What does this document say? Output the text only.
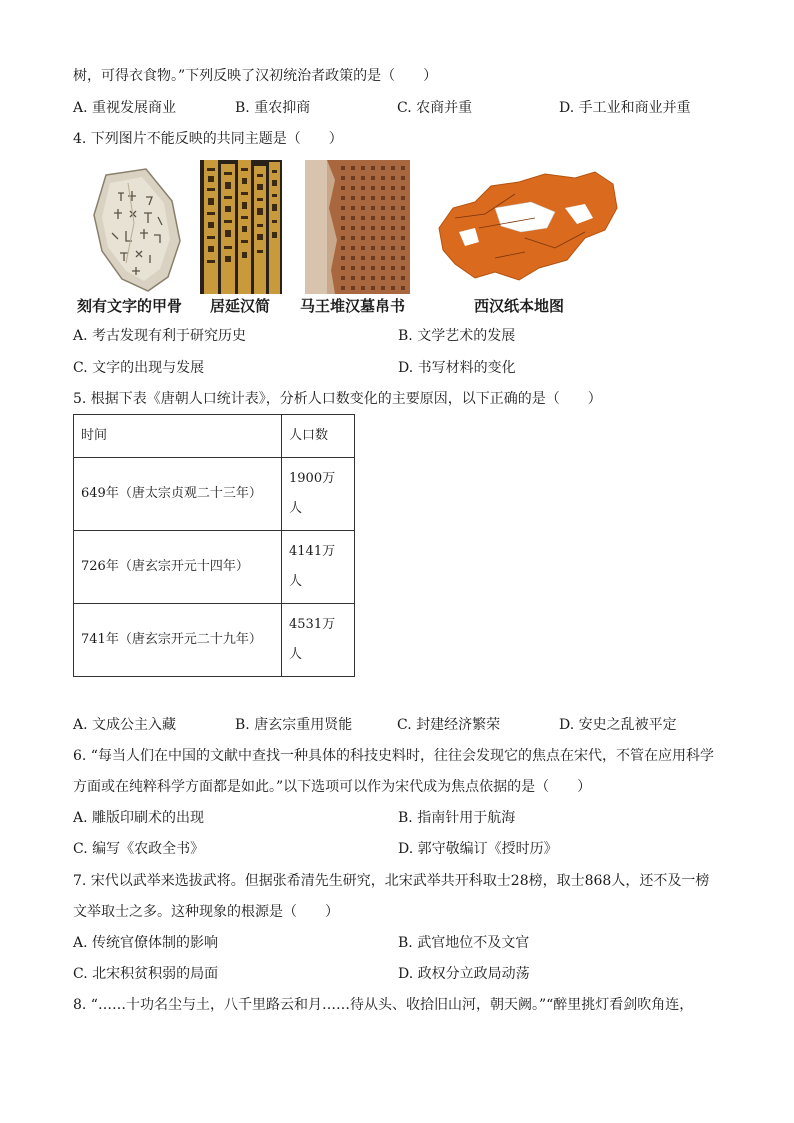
树，可得衣食物。”下列反映了汉初统治者政策的是（　　）
A. 重视发展商业	B. 重农抑商	C. 农商并重	D. 手工业和商业并重
4. 下列图片不能反映的共同主题是（　　）
刻有文字的甲骨 居延汉简 马王堆汉墓帛书	西汉纸本地图
A. 考古发现有利于研究历史	B. 文学艺术的发展
C. 文字的出现与发展	D. 书写材料的变化
5. 根据下表《唐朝人口统计表》，分析人口数变化的主要原因，以下正确的是（　　）
时间	人口数
649年（唐太宗贞观二十三年）	1900万人
726年（唐玄宗开元十四年）	4141万人
741年（唐玄宗开元二十九年）	4531万人
A. 文成公主入藏	B. 唐玄宗重用贤能	C. 封建经济繁荣	D. 安史之乱被平定
6. “每当人们在中国的文献中查找一种具体的科技史料时，往往会发现它的焦点在宋代，不管在应用科学
方面或在纯粹科学方面都是如此。”以下选项可以作为宋代成为焦点依据的是（　　）
A. 雕版印刷术的出现	B. 指南针用于航海
C. 编写《农政全书》	D. 郭守敬编订《授时历》
7. 宋代以武举来选拔武将。但据张希清先生研究，北宋武举共开科取士28榜，取士868人，还不及一榜
文举取士之多。这种现象的根源是（　　）
A. 传统官僚体制的影响	B. 武官地位不及文官
C. 北宋积贫积弱的局面	D. 政权分立政局动荡
8. “……十功名尘与土，八千里路云和月……待从头、收拾旧山河，朝天阙。”“醉里挑灯看剑吹角连，
